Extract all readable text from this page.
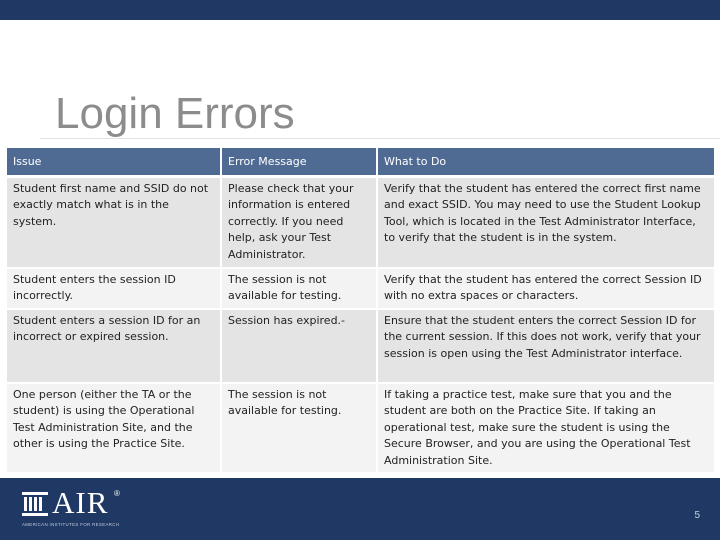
Login Errors
Issue	Error Message	What to Do
Student first name and SSID do not exactly match what is in the system.	Please check that your information is entered correctly. If you need help, ask your Test Administrator.	Verify that the student has entered the correct first name and exact SSID. You may need to use the Student Lookup Tool, which is located in the Test Administrator Interface, to verify that the student is in the system.
Student enters the session ID incorrectly.	The session is not available for testing.	Verify that the student has entered the correct Session ID with no extra spaces or characters.
Student enters a session ID for an incorrect or expired session.	Session has expired.-	Ensure that the student enters the correct Session ID for the current session. If this does not work, verify that your session is open using the Test Administrator interface.
One person (either the TA or the student) is using the Operational Test Administration Site, and the other is using the Practice Site.	The session is not available for testing.	If taking a practice test, make sure that you and the student are both on the Practice Site. If taking an operational test, make sure the student is using the Secure Browser, and you are using the Operational Test Administration Site.
AIR ®
AMERICAN INSTITUTES FOR RESEARCH
5
